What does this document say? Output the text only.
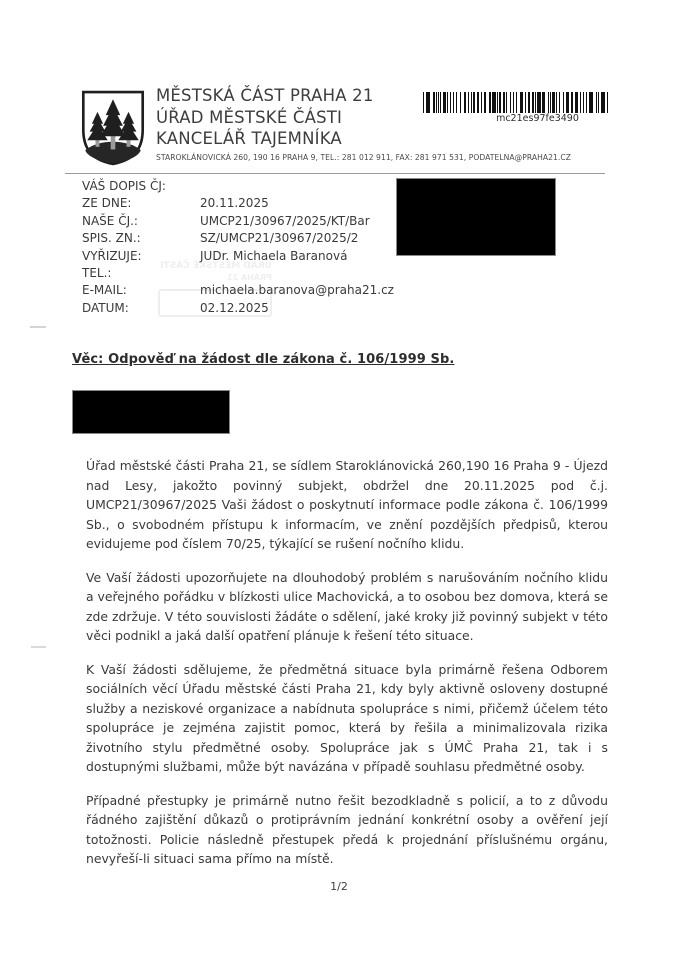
MĚSTSKÁ ČÁST PRAHA 21
ÚŘAD MĚSTSKÉ ČÁSTI
KANCELÁŘ TAJEMNÍKA
STAROKLÁNOVICKÁ 260, 190 16 PRAHA 9, TEL.: 281 012 911, FAX: 281 971 531, PODATELNA@PRAHA21.CZ
mc21es97fe3490
VÁŠ DOPIS ČJ:
ZE DNE:	20.11.2025
NAŠE ČJ.:	UMCP21/30967/2025/KT/Bar
SPIS. ZN.:	SZ/UMCP21/30967/2025/2
VYŘIZUJE:	JUDr. Michaela Baranová
TEL.:
E-MAIL:	michaela.baranova@praha21.cz
DATUM:	02.12.2025
ÚŘAD MĚSTSKÉ ČÁSTI
PRAHA 21
Věc: Odpověď na žádost dle zákona č. 106/1999 Sb.

Úřad městské části Praha 21, se sídlem Staroklánovická 260,190 16 Praha 9 - Újezd nad Lesy, jakožto povinný subjekt, obdržel dne 20.11.2025 pod č.j. UMCP21/30967/2025 Vaši žádost o poskytnutí informace podle zákona č. 106/1999 Sb., o svobodném přístupu k informacím, ve znění pozdějších předpisů, kterou evidujeme pod číslem 70/25, týkající se rušení nočního klidu.

Ve Vaší žádosti upozorňujete na dlouhodobý problém s narušováním nočního klidu a veřejného pořádku v blízkosti ulice Machovická, a to osobou bez domova, která se zde zdržuje. V této souvislosti žádáte o sdělení, jaké kroky již povinný subjekt v této věci podnikl a jaká další opatření plánuje k řešení této situace.

K Vaší žádosti sdělujeme, že předmětná situace byla primárně řešena Odborem sociálních věcí Úřadu městské části Praha 21, kdy byly aktivně osloveny dostupné služby a neziskové organizace a nabídnuta spolupráce s nimi, přičemž účelem této spolupráce je zejména zajistit pomoc, která by řešila a minimalizovala rizika životního stylu předmětné osoby. Spolupráce jak s ÚMČ Praha 21, tak i s dostupnými službami, může být navázána v případě souhlasu předmětné osoby.

Případné přestupky je primárně nutno řešit bezodkladně s policií, a to z důvodu řádného zajištění důkazů o protiprávním jednání konkrétní osoby a ověření její totožnosti. Policie následně přestupek předá k projednání příslušnému orgánu, nevyřeší-li situaci sama přímo na místě.

1/2
